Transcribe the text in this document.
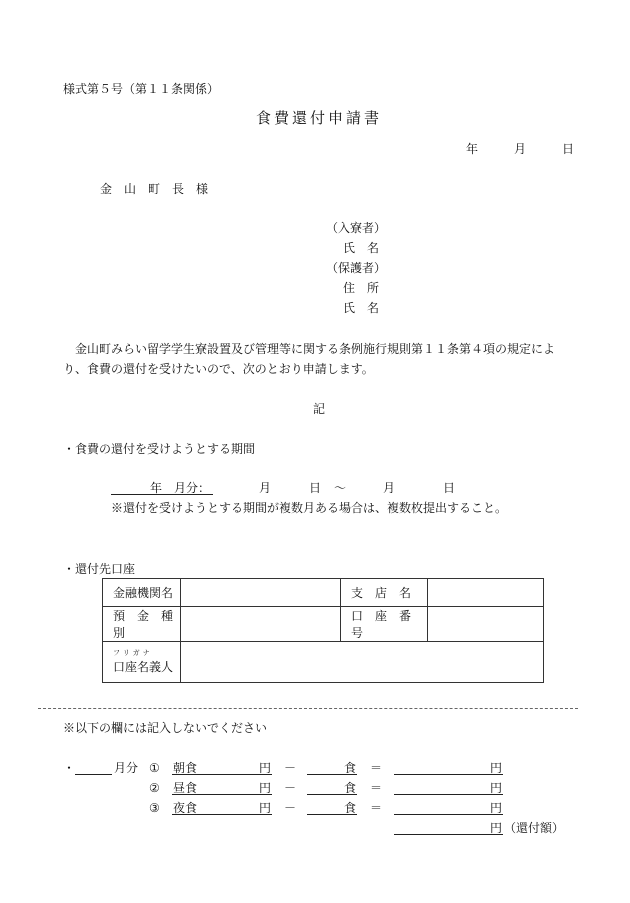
様式第５号（第１１条関係）
食費還付申請書
年	月	日
金　山　町　長　様
（入寮者）
氏　名
（保護者）
住　所
氏　名
金山町みらい留学学生寮設置及び管理等に関する条例施行規則第１１条第４項の規定によ
り、食費の還付を受けたいので、次のとおり申請します。
記
・食費の還付を受けようとする期間
年 月分：	月	日 ～	月	日
※還付を受けようとする期間が複数月ある場合は、複数枚提出すること。
・還付先口座
金融機関名		支　店　名	
預　金　種　別		口　座　番　号	

フリガナ
口座名義人			
※以下の欄には記入しないでください
・	月分 ① 朝食	円 －	食 ＝	円
② 昼食	円 －	食 ＝	円
③ 夜食	円 －	食 ＝	円
円 （還付額）
